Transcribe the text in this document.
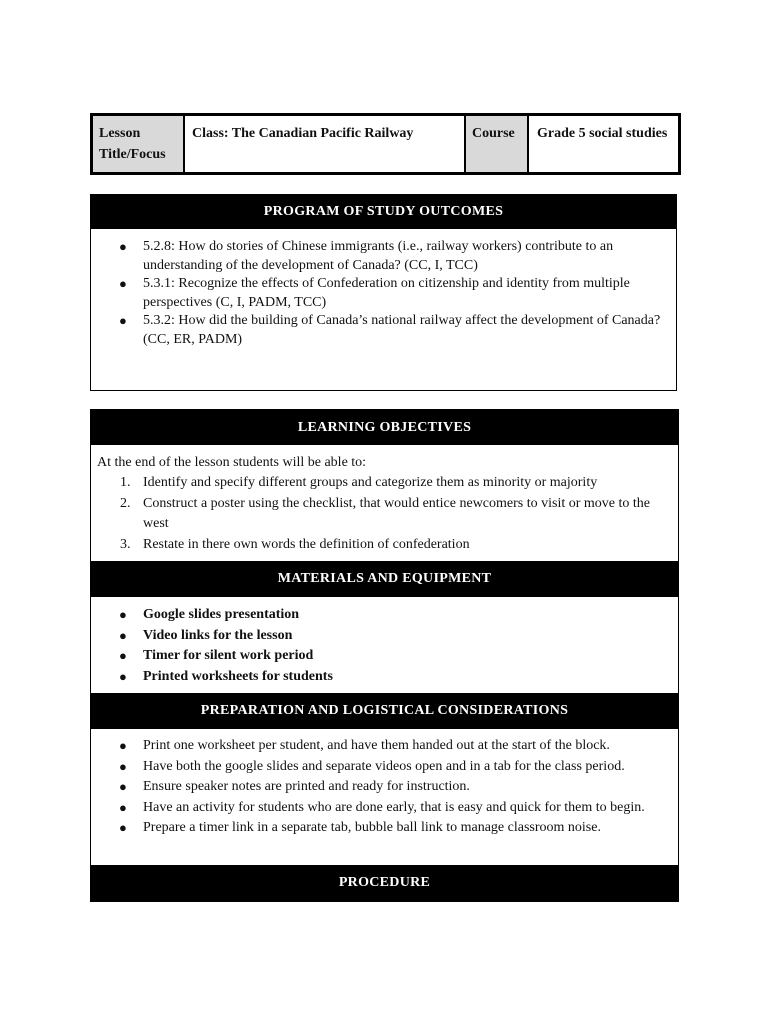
Lesson Title/Focus
Class: The Canadian Pacific Railway	Course	Grade 5 social studies
PROGRAM OF STUDY OUTCOMES
● 5.2.8: How do stories of Chinese immigrants (i.e., railway workers) contribute to an understanding of the development of Canada? (CC, I, TCC)
● 5.3.1: Recognize the effects of Confederation on citizenship and identity from multiple perspectives (C, I, PADM, TCC)
● 5.3.2: How did the building of Canada’s national railway affect the development of Canada?
(CC, ER, PADM)
LEARNING OBJECTIVES
At the end of the lesson students will be able to:
1. Identify and specify different groups and categorize them as minority or majority
2. Construct a poster using the checklist, that would entice newcomers to visit or move to the west
3. Restate in there own words the definition of confederation
MATERIALS AND EQUIPMENT
● Google slides presentation
● Video links for the lesson
● Timer for silent work period
● Printed worksheets for students
PREPARATION AND LOGISTICAL CONSIDERATIONS
● Print one worksheet per student, and have them handed out at the start of the block.
● Have both the google slides and separate videos open and in a tab for the class period.
● Ensure speaker notes are printed and ready for instruction.
● Have an activity for students who are done early, that is easy and quick for them to begin.
● Prepare a timer link in a separate tab, bubble ball link to manage classroom noise.
PROCEDURE
